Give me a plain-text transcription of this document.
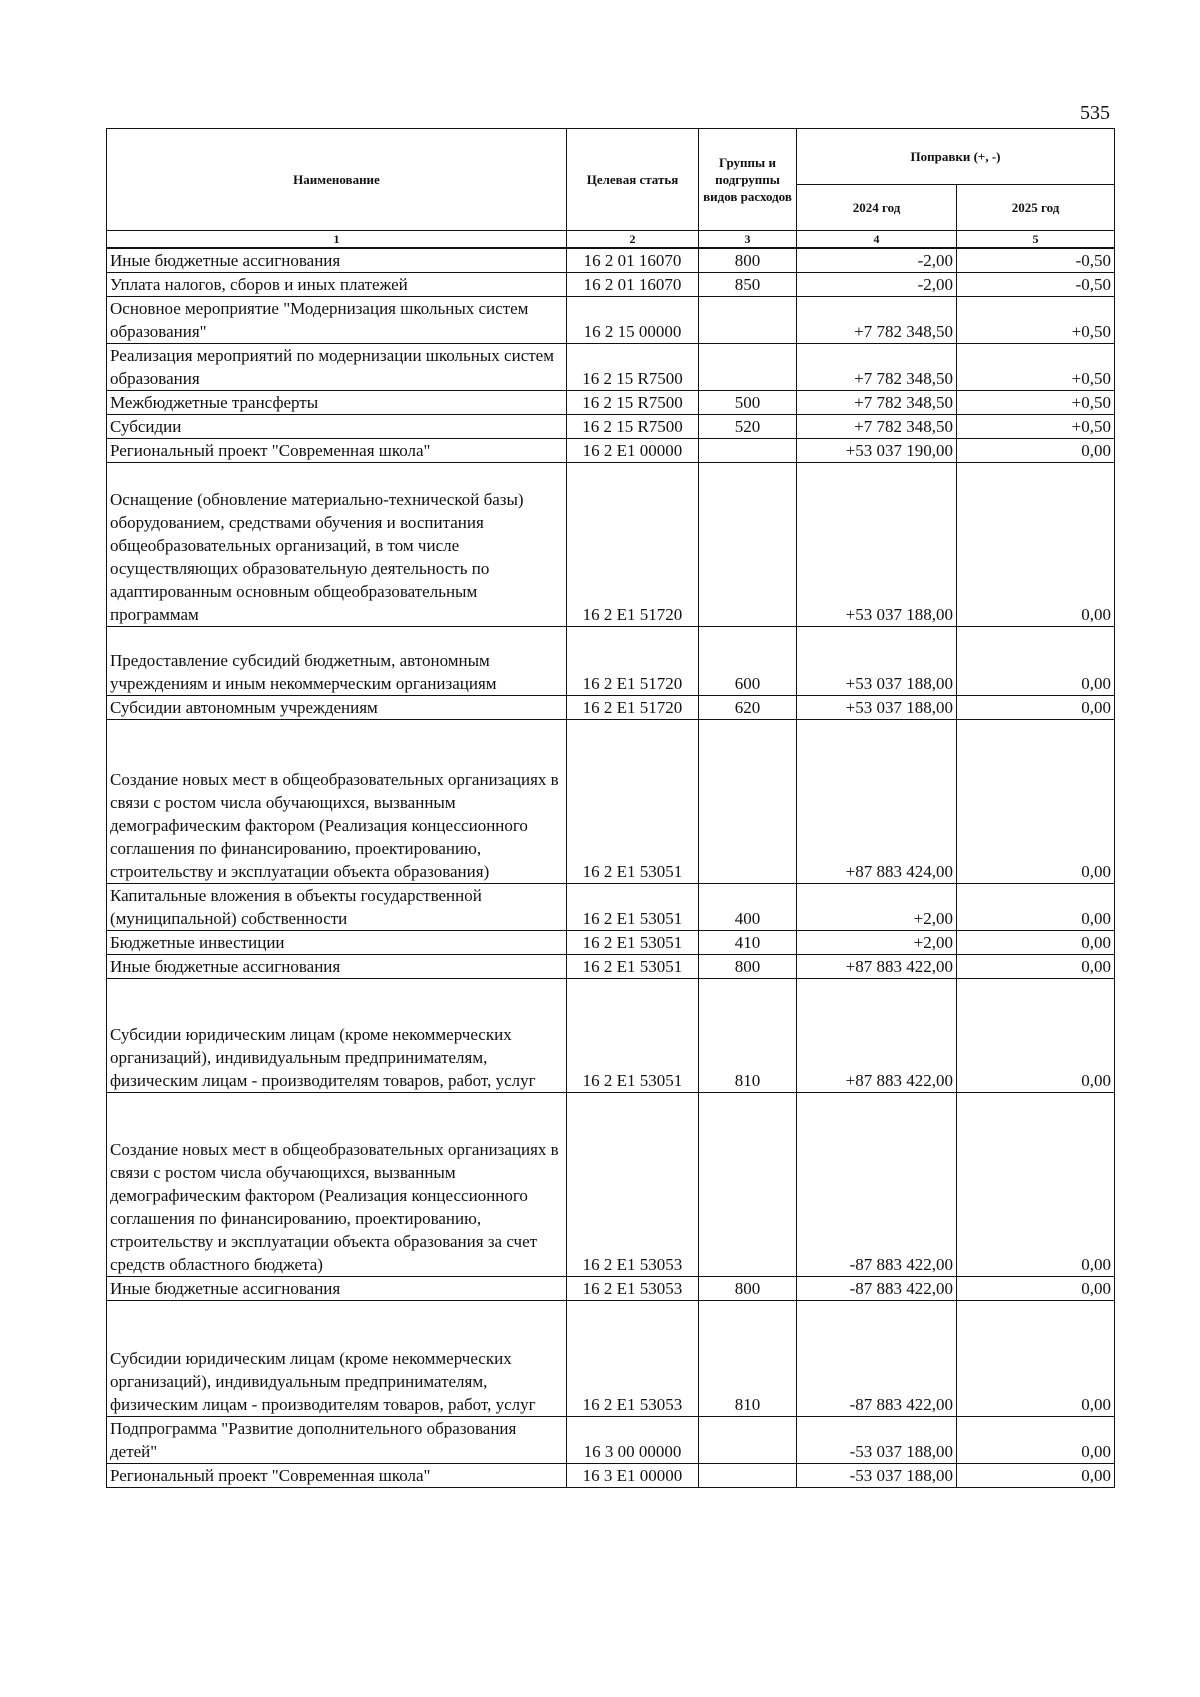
535
Наименование	Целевая статья	Группы и подгруппы видов расходов	Поправки (+, -)	
			2024 год	2025 год
1	2	3	4	5
Иные бюджетные ассигнования	16 2 01 16070	800	-2,00	-0,50
Уплата налогов, сборов и иных платежей	16 2 01 16070	850	-2,00	-0,50
Основное мероприятие "Модернизация школьных систем образования"	16 2 15 00000		+7 782 348,50	+0,50
Реализация мероприятий по модернизации школьных систем образования	16 2 15 R7500		+7 782 348,50	+0,50
Межбюджетные трансферты	16 2 15 R7500	500	+7 782 348,50	+0,50
Субсидии	16 2 15 R7500	520	+7 782 348,50	+0,50
Региональный проект "Современная школа"	16 2 E1 00000		+53 037 190,00	0,00
Оснащение (обновление материально-технической базы) оборудованием, средствами обучения и воспитания общеобразовательных организаций, в том числе осуществляющих образовательную деятельность по адаптированным основным общеобразовательным программам	16 2 E1 51720		+53 037 188,00	0,00
Предоставление субсидий бюджетным, автономным учреждениям и иным некоммерческим организациям	16 2 E1 51720	600	+53 037 188,00	0,00
Субсидии автономным учреждениям	16 2 E1 51720	620	+53 037 188,00	0,00
Создание новых мест в общеобразовательных организациях в связи с ростом числа обучающихся, вызванным демографическим фактором (Реализация концессионного соглашения по финансированию, проектированию, строительству и эксплуатации объекта образования)	16 2 E1 53051		+87 883 424,00	0,00
Капитальные вложения в объекты государственной (муниципальной) собственности	16 2 E1 53051	400	+2,00	0,00
Бюджетные инвестиции	16 2 E1 53051	410	+2,00	0,00
Иные бюджетные ассигнования	16 2 E1 53051	800	+87 883 422,00	0,00
Субсидии юридическим лицам (кроме некоммерческих организаций), индивидуальным предпринимателям, физическим лицам - производителям товаров, работ, услуг	16 2 E1 53051	810	+87 883 422,00	0,00
Создание новых мест в общеобразовательных организациях в связи с ростом числа обучающихся, вызванным демографическим фактором (Реализация концессионного соглашения по финансированию, проектированию, строительству и эксплуатации объекта образования за счет средств областного бюджета)	16 2 E1 53053		-87 883 422,00	0,00
Иные бюджетные ассигнования	16 2 E1 53053	800	-87 883 422,00	0,00
Субсидии юридическим лицам (кроме некоммерческих организаций), индивидуальным предпринимателям, физическим лицам - производителям товаров, работ, услуг	16 2 E1 53053	810	-87 883 422,00	0,00
Подпрограмма "Развитие дополнительного образования детей"	16 3 00 00000		-53 037 188,00	0,00
Региональный проект "Современная школа"	16 3 E1 00000		-53 037 188,00	0,00
